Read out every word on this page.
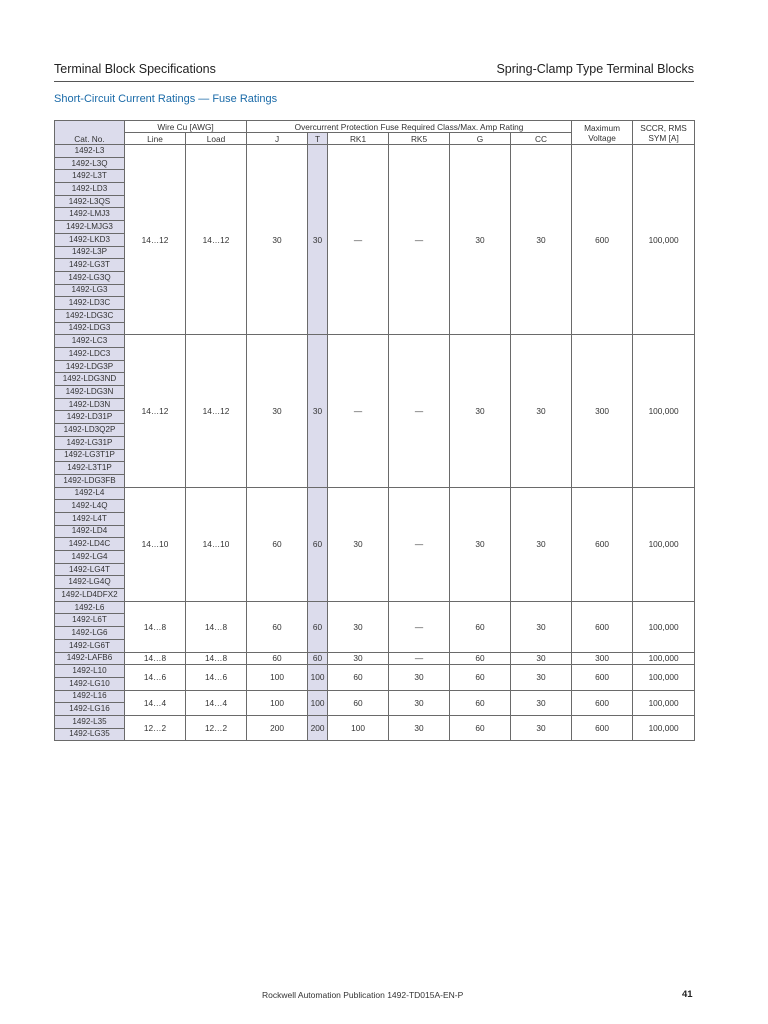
Terminal Block Specifications	Spring-Clamp Type Terminal Blocks
Short-Circuit Current Ratings — Fuse Ratings
Cat. No.	Wire Cu [AWG]		Overcurrent Protection Fuse Required Class/Max. Amp Rating						Maximum Voltage	SCCR, RMS SYM [A]
	Line	Load	J	T	RK1	RK5	G	CC		
1492-L3	14…12	14…12	30	30	—	—	30	30	600	100,000
1492-L3Q										
1492-L3T										
1492-LD3										
1492-L3QS										
1492-LMJ3										
1492-LMJG3										
1492-LKD3										
1492-L3P										
1492-LG3T										
1492-LG3Q										
1492-LG3										
1492-LD3C										
1492-LDG3C										
1492-LDG3										
1492-LC3	14…12	14…12	30	30	—	—	30	30	300	100,000
1492-LDC3										
1492-LDG3P										
1492-LDG3ND										
1492-LDG3N										
1492-LD3N										
1492-LD31P										
1492-LD3Q2P										
1492-LG31P										
1492-LG3T1P										
1492-L3T1P										
1492-LDG3FB										
1492-L4	14…10	14…10	60	60	30	—	30	30	600	100,000
1492-L4Q										
1492-L4T										
1492-LD4										
1492-LD4C										
1492-LG4										
1492-LG4T										
1492-LG4Q										
1492-LD4DFX2										
1492-L6	14…8	14…8	60	60	30	—	60	30	600	100,000
1492-L6T										
1492-LG6										
1492-LG6T										
1492-LAFB6	14…8	14…8	60	60	30	—	60	30	300	100,000
1492-L10	14…6	14…6	100	100	60	30	60	30	600	100,000
1492-LG10										
1492-L16	14…4	14…4	100	100	60	30	60	30	600	100,000
1492-LG16										
1492-L35	12…2	12…2	200	200	100	30	60	30	600	100,000
1492-LG35										
Rockwell Automation Publication 1492-TD015A-EN-P	41
